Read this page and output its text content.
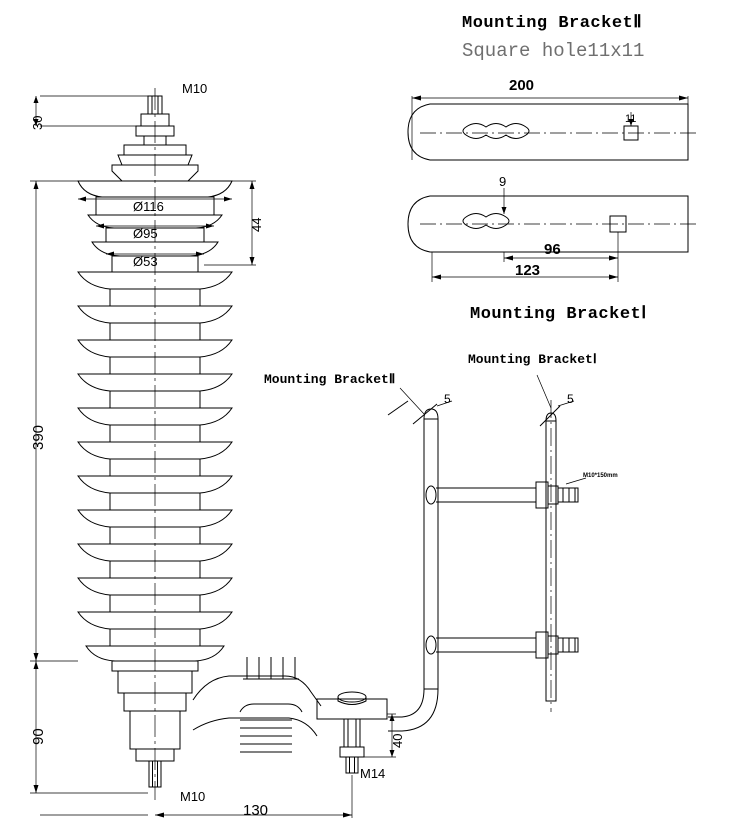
Mounting BracketⅡ
Square hole11x11
Mounting BracketⅠ
200
11
9
96
123
M10
30
390
90
Ø116
Ø95
Ø53
44
M10
130
M14
40
Mounting BracketⅡ
Mounting BracketⅠ
5	5
M10*150mm
